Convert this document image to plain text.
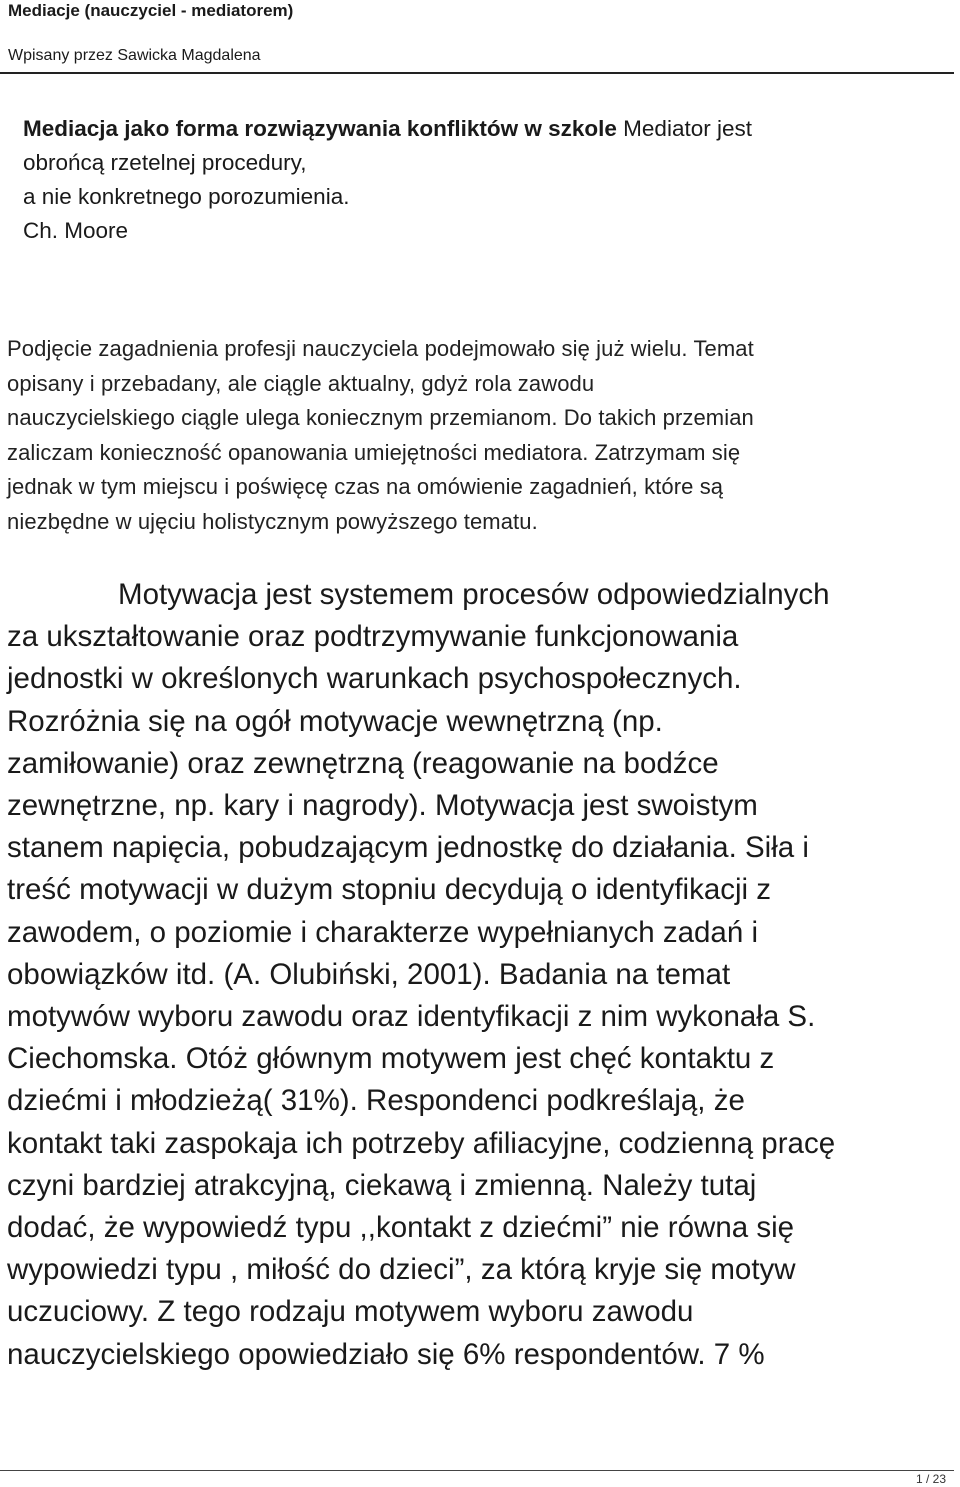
Mediacje (nauczyciel - mediatorem)
Wpisany przez Sawicka Magdalena
Mediacja jako forma rozwiązywania konfliktów w szkole Mediator jest
obrońcą rzetelnej procedury,
a nie konkretnego porozumienia.
Ch. Moore
Podjęcie zagadnienia profesji nauczyciela podejmowało się już wielu. Temat
opisany i przebadany, ale ciągle aktualny, gdyż rola zawodu
nauczycielskiego ciągle ulega koniecznym przemianom. Do takich przemian
zaliczam konieczność opanowania umiejętności mediatora. Zatrzymam się
jednak w tym miejscu i poświęcę czas na omówienie zagadnień, które są
niezbędne w ujęciu holistycznym powyższego tematu.
Motywacja jest systemem procesów odpowiedzialnych
za ukształtowanie oraz podtrzymywanie funkcjonowania
jednostki w określonych warunkach psychospołecznych.
Rozróżnia się na ogół motywacje wewnętrzną (np.
zamiłowanie) oraz zewnętrzną (reagowanie na bodźce
zewnętrzne, np. kary i nagrody). Motywacja jest swoistym
stanem napięcia, pobudzającym jednostkę do działania. Siła i
treść motywacji w dużym stopniu decydują o identyfikacji z
zawodem, o poziomie i charakterze wypełnianych zadań i
obowiązków itd. (A. Olubiński, 2001). Badania na temat
motywów wyboru zawodu oraz identyfikacji z nim wykonała S.
Ciechomska. Otóż głównym motywem jest chęć kontaktu z
dziećmi i młodzieżą( 31%). Respondenci podkreślają, że
kontakt taki zaspokaja ich potrzeby afiliacyjne, codzienną pracę
czyni bardziej atrakcyjną, ciekawą i zmienną. Należy tutaj
dodać, że wypowiedź typu ,,kontakt z dziećmi” nie równa się
wypowiedzi typu , miłość do dzieci”, za którą kryje się motyw
uczuciowy. Z tego rodzaju motywem wyboru zawodu
nauczycielskiego opowiedziało się 6% respondentów. 7 %
1 / 23
